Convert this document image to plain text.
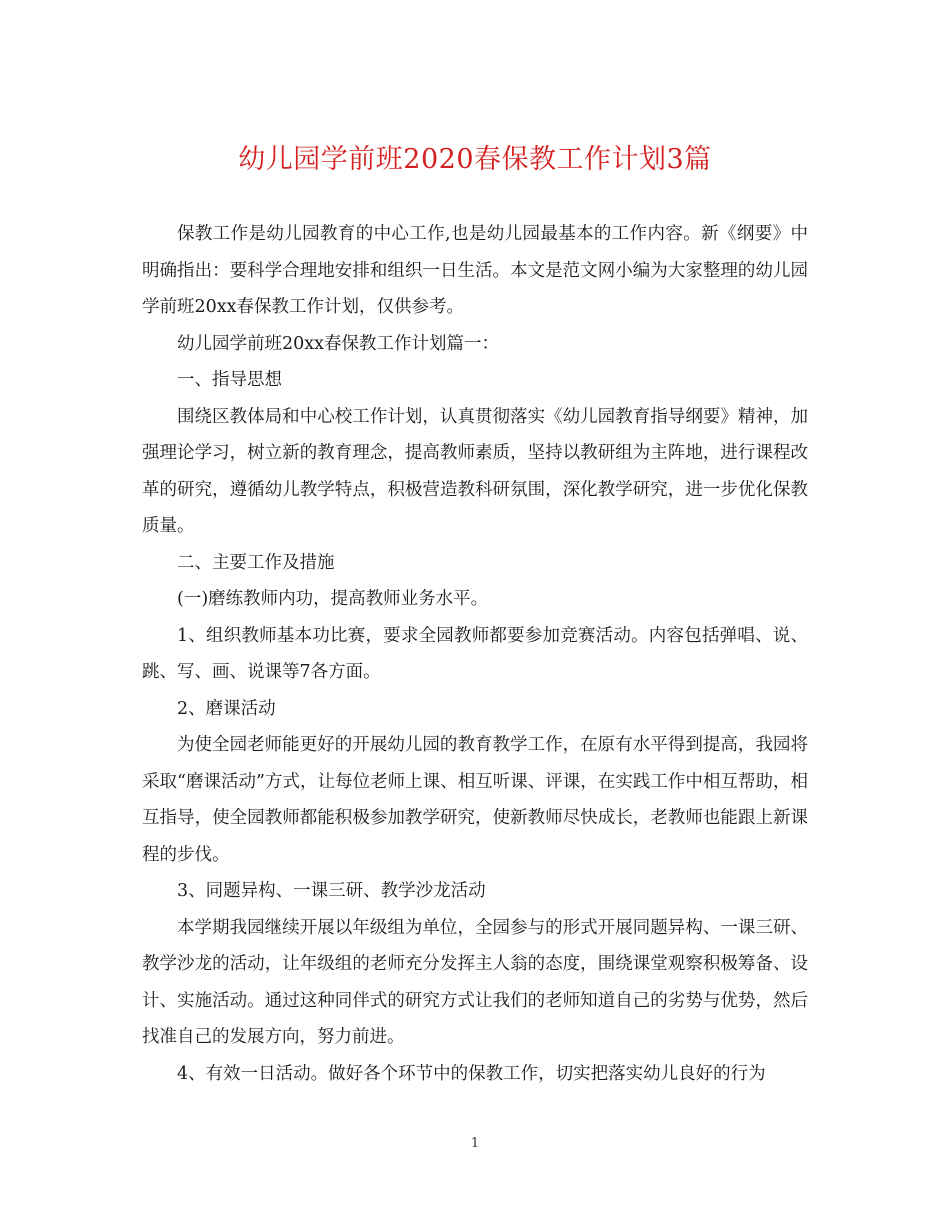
幼儿园学前班2020春保教工作计划3篇

保教工作是幼儿园教育的中心工作,也是幼儿园最基本的工作内容。新《纲要》中明确指出：要科学合理地安排和组织一日生活。本文是范文网小编为大家整理的幼儿园学前班20xx春保教工作计划，仅供参考。

幼儿园学前班20xx春保教工作计划篇一：

一、指导思想

围绕区教体局和中心校工作计划，认真贯彻落实《幼儿园教育指导纲要》精神，加强理论学习，树立新的教育理念，提高教师素质，坚持以教研组为主阵地，进行课程改革的研究，遵循幼儿教学特点，积极营造教科研氛围，深化教学研究，进一步优化保教质量。

二、主要工作及措施

(一)磨练教师内功，提高教师业务水平。

1、组织教师基本功比赛，要求全园教师都要参加竞赛活动。内容包括弹唱、说、跳、写、画、说课等7各方面。

2、磨课活动

为使全园老师能更好的开展幼儿园的教育教学工作，在原有水平得到提高，我园将采取“磨课活动”方式，让每位老师上课、相互听课、评课，在实践工作中相互帮助，相互指导，使全园教师都能积极参加教学研究，使新教师尽快成长，老教师也能跟上新课程的步伐。

3、同题异构、一课三研、教学沙龙活动

本学期我园继续开展以年级组为单位，全园参与的形式开展同题异构、一课三研、教学沙龙的活动，让年级组的老师充分发挥主人翁的态度，围绕课堂观察积极筹备、设计、实施活动。通过这种同伴式的研究方式让我们的老师知道自己的劣势与优势，然后找准自己的发展方向，努力前进。

4、有效一日活动。做好各个环节中的保教工作，切实把落实幼儿良好的行为

1
